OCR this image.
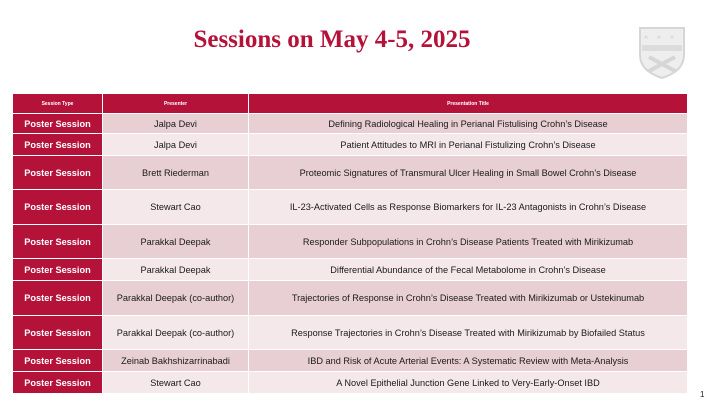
Sessions on May 4-5, 2025
Session Type	Presenter	Presentation Title
Poster Session	Jalpa Devi	Defining Radiological Healing in Perianal Fistulising Crohn’s Disease
Poster Session	Jalpa Devi	Patient Attitudes to MRI in Perianal Fistulizing Crohn’s Disease
Poster Session	Brett Riederman	Proteomic Signatures of Transmural Ulcer Healing in Small Bowel Crohn’s Disease
Poster Session	Stewart Cao	IL-23-Activated Cells as Response Biomarkers for IL-23 Antagonists in Crohn’s Disease
Poster Session	Parakkal Deepak	Responder Subpopulations in Crohn’s Disease Patients Treated with Mirikizumab
Poster Session	Parakkal Deepak	Differential Abundance of the Fecal Metabolome in Crohn’s Disease
Poster Session	Parakkal Deepak (co-author)	Trajectories of Response in Crohn’s Disease Treated with Mirikizumab or Ustekinumab
Poster Session	Parakkal Deepak (co-author)	Response Trajectories in Crohn’s Disease Treated with Mirikizumab by Biofailed Status
Poster Session	Zeinab Bakhshizarrinabadi	IBD and Risk of Acute Arterial Events: A Systematic Review with Meta-Analysis
Poster Session	Stewart Cao	A Novel Epithelial Junction Gene Linked to Very-Early-Onset IBD
1
